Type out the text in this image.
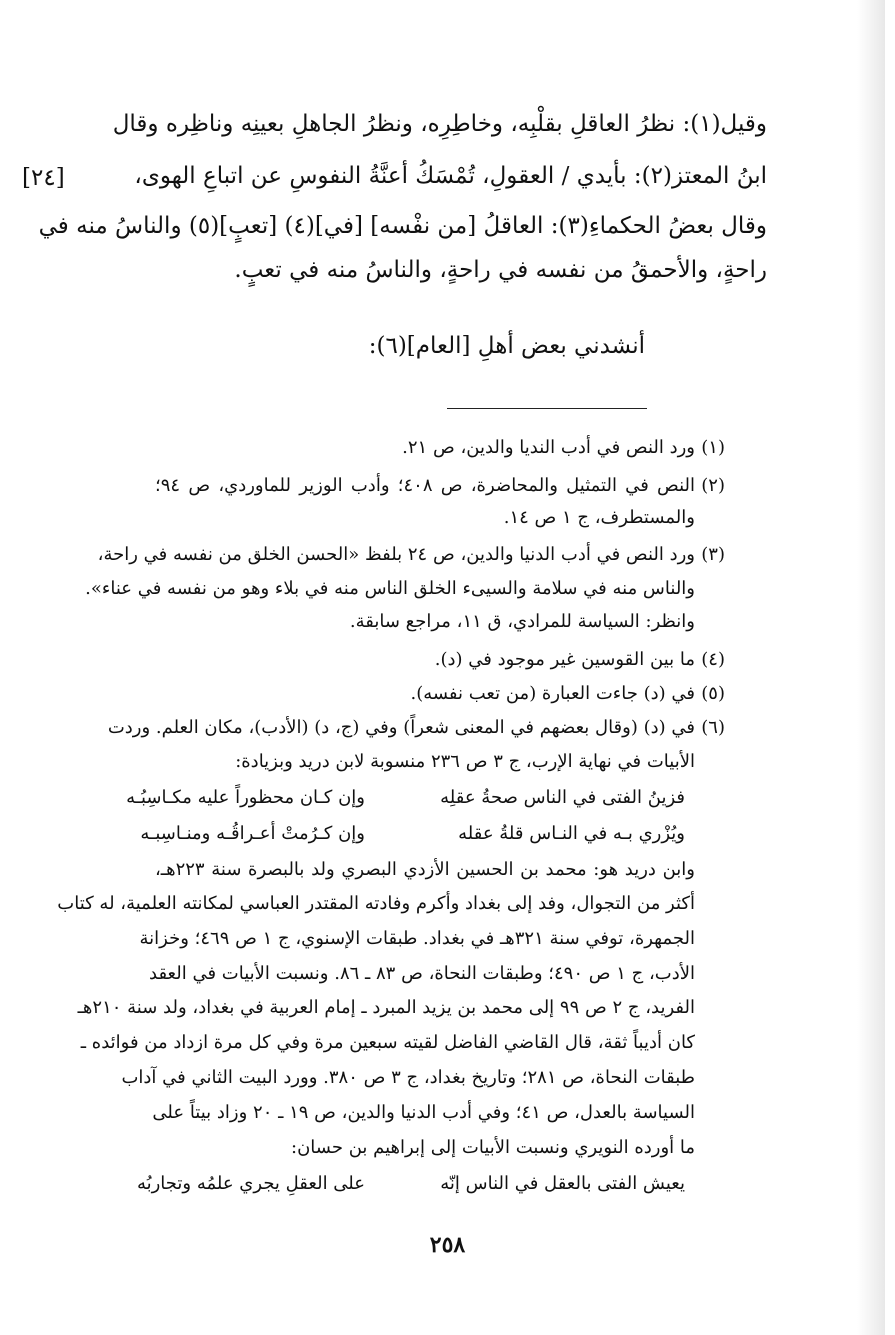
وقيل(١): نظرُ العاقلِ بقلْبِه، وخاطِرِه، ونظرُ الجاهلِ بعينِه وناظِره وقال
ابنُ المعتز(٢): بأيدي / العقولِ، تُمْسَكُ أعنَّةُ النفوسِ عن اتباعِ الهوى،
وقال بعضُ الحكماءِ(٣): العاقلُ [من نفْسه] [في](٤) [تعبٍ](٥) والناسُ منه في
راحةٍ، والأحمقُ من نفسه في راحةٍ، والناسُ منه في تعبٍ.
[٢٤]
أنشدني بعض أهلِ [العام](٦):
(١)
ورد النص في أدب النديا والدين، ص ٢١.
(٢)
النص في التمثيل والمحاضرة، ص ٤٠٨؛ وأدب الوزير للماوردي، ص ٩٤؛
والمستطرف، ج ١ ص ١٤.
(٣)
ورد النص في أدب الدنيا والدين، ص ٢٤ بلفظ «الحسن الخلق من نفسه في راحة،
والناس منه في سلامة والسيىء الخلق الناس منه في بلاء وهو من نفسه في عناء».
وانظر: السياسة للمرادي، ق ١١، مراجع سابقة.
(٤)
ما بين القوسين غير موجود في (د).
(٥)
في (د) جاءت العبارة (من تعب نفسه).
(٦)
في (د) (وقال بعضهم في المعنى شعراً) وفي (ج، د) (الأدب)، مكان العلم. وردت
الأبيات في نهاية الإرب، ج ٣ ص ٢٣٦ منسوبة لابن دريد وبزيادة:
فزينُ الفتى في الناس صحةُ عقلِه
وإن كـان محظوراً عليه مكـاسِبُـه
ويُزْري بـه في النـاس قلةُ عقله
وإن كـرُمتْ أعـراقُـه ومنـاسِبـه
وابن دريد هو: محمد بن الحسين الأزدي البصري ولد بالبصرة سنة ٢٢٣هـ،
أكثر من التجوال، وفد إلى بغداد وأكرم وفادته المقتدر العباسي لمكانته العلمية، له كتاب
الجمهرة، توفي سنة ٣٢١هـ في بغداد. طبقات الإسنوي، ج ١ ص ٤٦٩؛ وخزانة
الأدب، ج ١ ص ٤٩٠؛ وطبقات النحاة، ص ٨٣ ـ ٨٦. ونسبت الأبيات في العقد
الفريد، ج ٢ ص ٩٩ إلى محمد بن يزيد المبرد ـ إمام العربية في بغداد، ولد سنة ٢١٠هـ
كان أديباً ثقة، قال القاضي الفاضل لقيته سبعين مرة وفي كل مرة ازداد من فوائده ـ
طبقات النحاة، ص ٢٨١؛ وتاريخ بغداد، ج ٣ ص ٣٨٠. وورد البيت الثاني في آداب
السياسة بالعدل، ص ٤١؛ وفي أدب الدنيا والدين، ص ١٩ ـ ٢٠ وزاد بيتاً على
ما أورده النويري ونسبت الأبيات إلى إبراهيم بن حسان:
يعيش الفتى بالعقل في الناس إنّه
على العقلِ يجري علمُه وتجاربُه
٢٥٨
